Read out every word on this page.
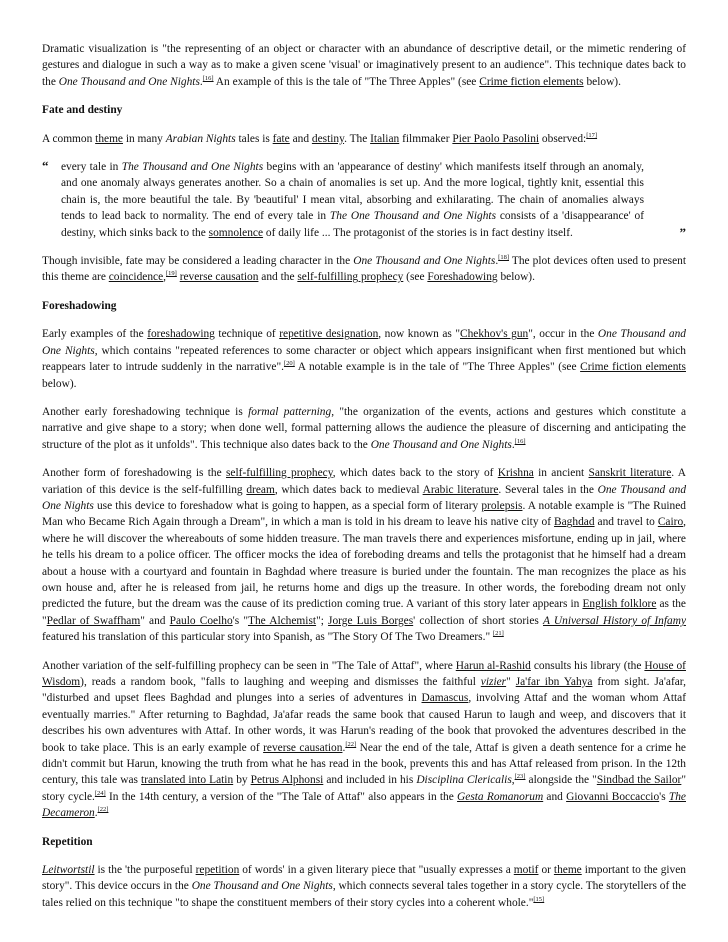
Dramatic visualization is "the representing of an object or character with an abundance of descriptive detail, or the mimetic rendering of gestures and dialogue in such a way as to make a given scene 'visual' or imaginatively present to an audience". This technique dates back to the One Thousand and One Nights.[16] An example of this is the tale of "The Three Apples" (see Crime fiction elements below).

Fate and destiny

A common theme in many Arabian Nights tales is fate and destiny. The Italian filmmaker Pier Paolo Pasolini observed:[17]

“ every tale in The Thousand and One Nights begins with an 'appearance of destiny' which manifests itself through an anomaly, and one anomaly always generates another. So a chain of anomalies is set up. And the more logical, tightly knit, essential this chain is, the more beautiful the tale. By 'beautiful' I mean vital, absorbing and exhilarating. The chain of anomalies always tends to lead back to normality. The end of every tale in The One Thousand and One Nights consists of a 'disappearance' of destiny, which sinks back to the somnolence of daily life ... The protagonist of the stories is in fact destiny itself.	”

Though invisible, fate may be considered a leading character in the One Thousand and One Nights.[18] The plot devices often used to present this theme are coincidence,[19] reverse causation and the self-fulfilling prophecy (see Foreshadowing below).

Foreshadowing

Early examples of the foreshadowing technique of repetitive designation, now known as "Chekhov's gun", occur in the One Thousand and One Nights, which contains "repeated references to some character or object which appears insignificant when first mentioned but which reappears later to intrude suddenly in the narrative".[20] A notable example is in the tale of "The Three Apples" (see Crime fiction elements below).

Another early foreshadowing technique is formal patterning, "the organization of the events, actions and gestures which constitute a narrative and give shape to a story; when done well, formal patterning allows the audience the pleasure of discerning and anticipating the structure of the plot as it unfolds". This technique also dates back to the One Thousand and One Nights.[16]

Another form of foreshadowing is the self-fulfilling prophecy, which dates back to the story of Krishna in ancient Sanskrit literature. A variation of this device is the self-fulfilling dream, which dates back to medieval Arabic literature. Several tales in the One Thousand and One Nights use this device to foreshadow what is going to happen, as a special form of literary prolepsis. A notable example is "The Ruined Man who Became Rich Again through a Dream", in which a man is told in his dream to leave his native city of Baghdad and travel to Cairo, where he will discover the whereabouts of some hidden treasure. The man travels there and experiences misfortune, ending up in jail, where he tells his dream to a police officer. The officer mocks the idea of foreboding dreams and tells the protagonist that he himself had a dream about a house with a courtyard and fountain in Baghdad where treasure is buried under the fountain. The man recognizes the place as his own house and, after he is released from jail, he returns home and digs up the treasure. In other words, the foreboding dream not only predicted the future, but the dream was the cause of its prediction coming true. A variant of this story later appears in English folklore as the "Pedlar of Swaffham" and Paulo Coelho's "The Alchemist"; Jorge Luis Borges' collection of short stories A Universal History of Infamy featured his translation of this particular story into Spanish, as "The Story Of The Two Dreamers." [21]

Another variation of the self-fulfilling prophecy can be seen in "The Tale of Attaf", where Harun al-Rashid consults his library (the House of Wisdom), reads a random book, "falls to laughing and weeping and dismisses the faithful vizier" Ja'far ibn Yahya from sight. Ja'afar, "disturbed and upset flees Baghdad and plunges into a series of adventures in Damascus, involving Attaf and the woman whom Attaf eventually marries." After returning to Baghdad, Ja'afar reads the same book that caused Harun to laugh and weep, and discovers that it describes his own adventures with Attaf. In other words, it was Harun's reading of the book that provoked the adventures described in the book to take place. This is an early example of reverse causation.[22] Near the end of the tale, Attaf is given a death sentence for a crime he didn't commit but Harun, knowing the truth from what he has read in the book, prevents this and has Attaf released from prison. In the 12th century, this tale was translated into Latin by Petrus Alphonsi and included in his Disciplina Clericalis,[23] alongside the "Sindbad the Sailor" story cycle.[24] In the 14th century, a version of the "The Tale of Attaf" also appears in the Gesta Romanorum and Giovanni Boccaccio's The Decameron.[22]

Repetition

Leitwortstil is the 'the purposeful repetition of words' in a given literary piece that "usually expresses a motif or theme important to the given story". This device occurs in the One Thousand and One Nights, which connects several tales together in a story cycle. The storytellers of the tales relied on this technique "to shape the constituent members of their story cycles into a coherent whole."[15]
